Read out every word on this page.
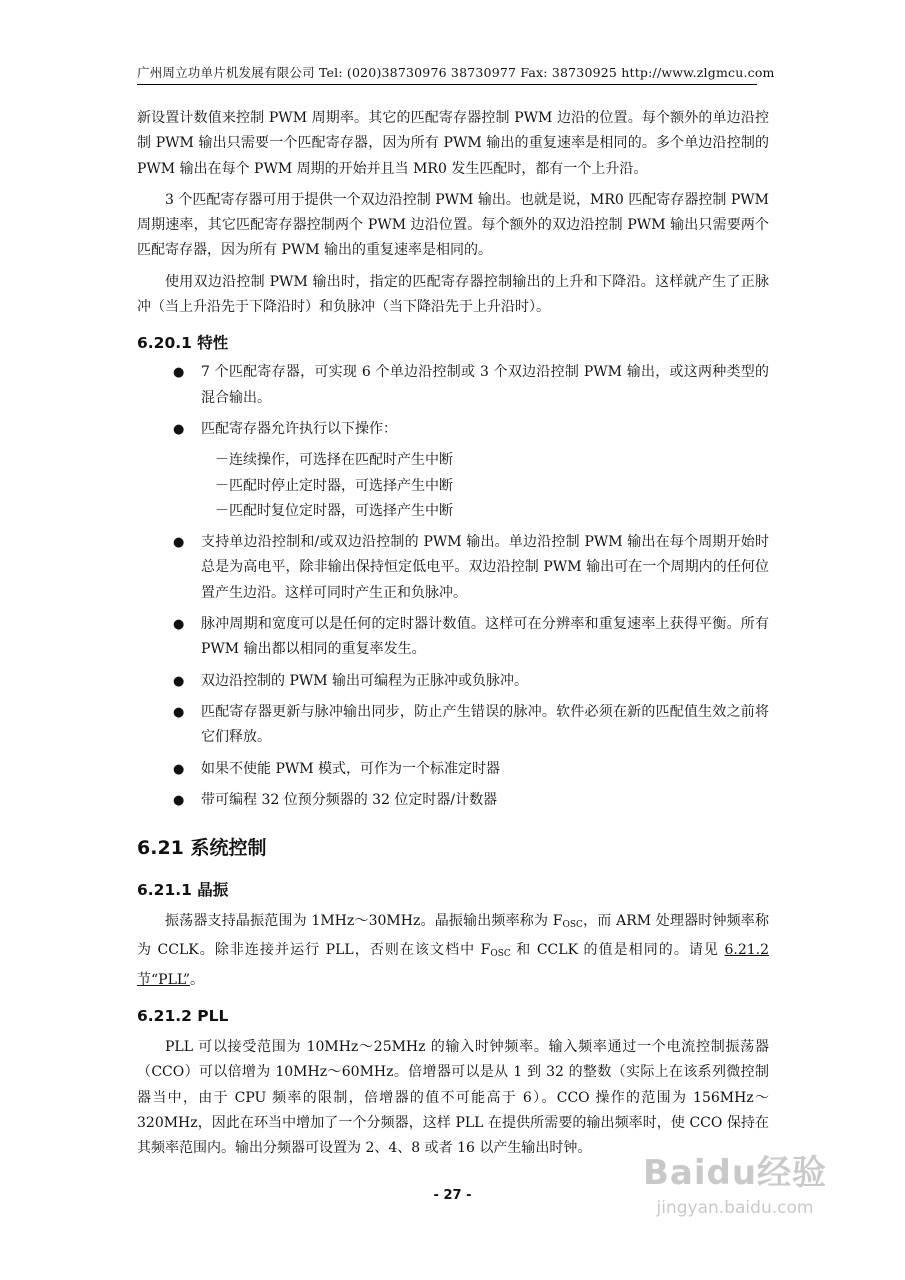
广州周立功单片机发展有限公司 Tel: (020)38730976 38730977 Fax: 38730925 http://www.zlgmcu.com

新设置计数值来控制 PWM 周期率。其它的匹配寄存器控制 PWM 边沿的位置。每个额外的单边沿控制 PWM 输出只需要一个匹配寄存器，因为所有 PWM 输出的重复速率是相同的。多个单边沿控制的 PWM 输出在每个 PWM 周期的开始并且当 MR0 发生匹配时，都有一个上升沿。

3 个匹配寄存器可用于提供一个双边沿控制 PWM 输出。也就是说，MR0 匹配寄存器控制 PWM 周期速率，其它匹配寄存器控制两个 PWM 边沿位置。每个额外的双边沿控制 PWM 输出只需要两个匹配寄存器，因为所有 PWM 输出的重复速率是相同的。

使用双边沿控制 PWM 输出时，指定的匹配寄存器控制输出的上升和下降沿。这样就产生了正脉冲（当上升沿先于下降沿时）和负脉冲（当下降沿先于上升沿时）。

6.20.1 特性
● 7 个匹配寄存器，可实现 6 个单边沿控制或 3 个双边沿控制 PWM 输出，或这两种类型的混合输出。
● 匹配寄存器允许执行以下操作：
－连续操作，可选择在匹配时产生中断
－匹配时停止定时器，可选择产生中断
－匹配时复位定时器，可选择产生中断
● 支持单边沿控制和/或双边沿控制的 PWM 输出。单边沿控制 PWM 输出在每个周期开始时总是为高电平，除非输出保持恒定低电平。双边沿控制 PWM 输出可在一个周期内的任何位置产生边沿。这样可同时产生正和负脉冲。
● 脉冲周期和宽度可以是任何的定时器计数值。这样可在分辨率和重复速率上获得平衡。所有 PWM 输出都以相同的重复率发生。
● 双边沿控制的 PWM 输出可编程为正脉冲或负脉冲。
● 匹配寄存器更新与脉冲输出同步，防止产生错误的脉冲。软件必须在新的匹配值生效之前将它们释放。
● 如果不使能 PWM 模式，可作为一个标准定时器
● 带可编程 32 位预分频器的 32 位定时器/计数器
6.21 系统控制
6.21.1 晶振

振荡器支持晶振范围为 1MHz～30MHz。晶振输出频率称为 $F_{OSC}$，而 ARM 处理器时钟频率称为 CCLK。除非连接并运行 PLL，否则在该文档中 $F_{OSC}$ 和 CCLK 的值是相同的。请见 6.21.2 节“PLL”。

6.21.2 PLL

PLL 可以接受范围为 10MHz～25MHz 的输入时钟频率。输入频率通过一个电流控制振荡器（CCO）可以倍增为 10MHz～60MHz。倍增器可以是从 1 到 32 的整数（实际上在该系列微控制器当中，由于 CPU 频率的限制，倍增器的值不可能高于 6）。CCO 操作的范围为 156MHz～320MHz，因此在环当中增加了一个分频器，这样 PLL 在提供所需要的输出频率时，使 CCO 保持在其频率范围内。输出分频器可设置为 2、4、8 或者 16 以产生输出时钟。

- 27 -
Baidu经验
jingyan.baidu.com
